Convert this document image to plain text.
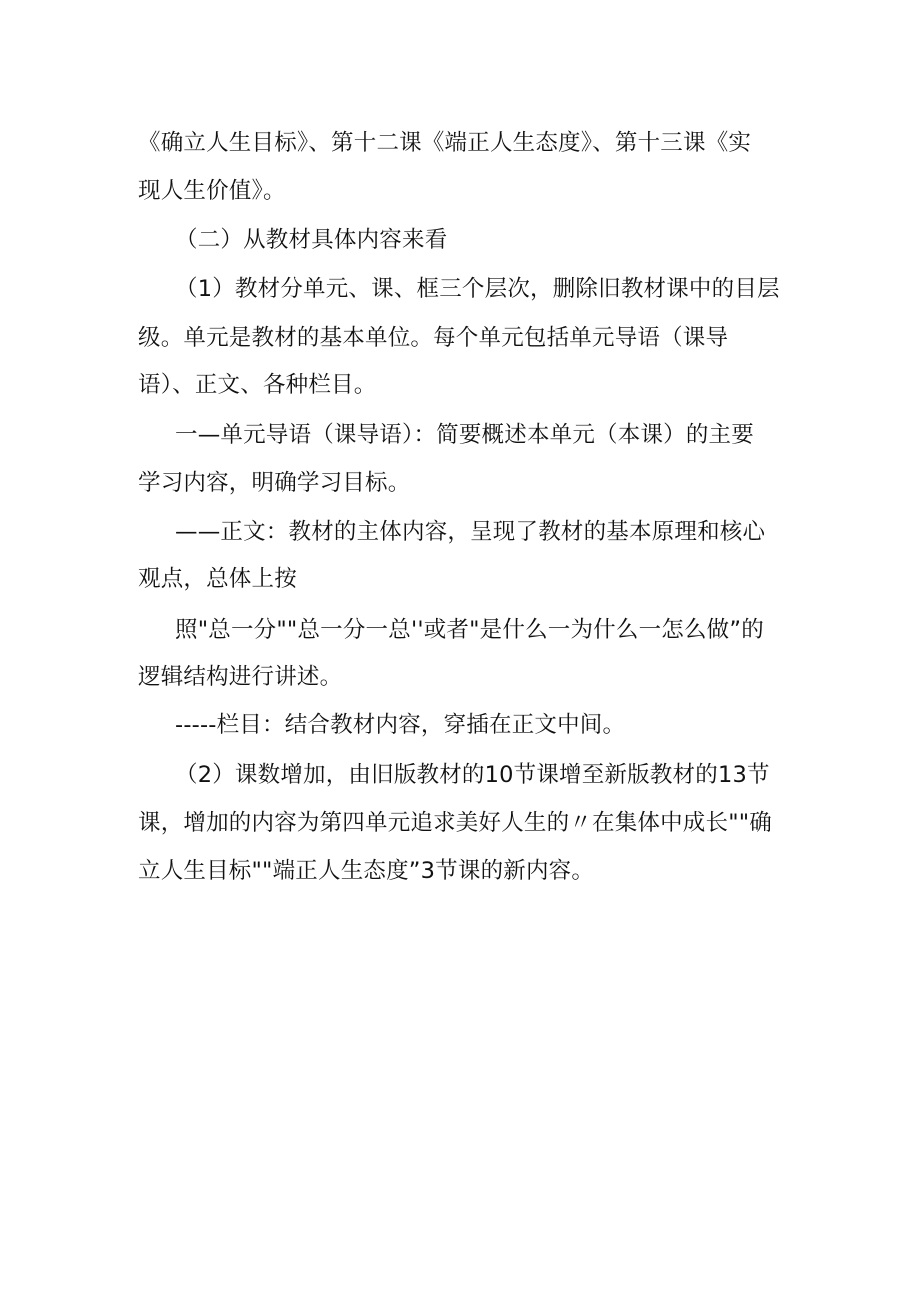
《确立人生目标》、第十二课《端正人生态度》、第十三课《实
现人生价值》。
（二）从教材具体内容来看
（1）教材分单元、课、框三个层次，删除旧教材课中的目层
级。单元是教材的基本单位。每个单元包括单元导语（课导
语）、正文、各种栏目。
一—单元导语（课导语）：简要概述本单元（本课）的主要
学习内容，明确学习目标。
——正文：教材的主体内容，呈现了教材的基本原理和核心
观点，总体上按
照"总一分""总一分一总''或者"是什么一为什么一怎么做”的
逻辑结构进行讲述。
-----栏目：结合教材内容，穿插在正文中间。
（2）课数增加，由旧版教材的10节课增至新版教材的13节
课，增加的内容为第四单元追求美好人生的〃在集体中成长""确
立人生目标""端正人生态度”3节课的新内容。
